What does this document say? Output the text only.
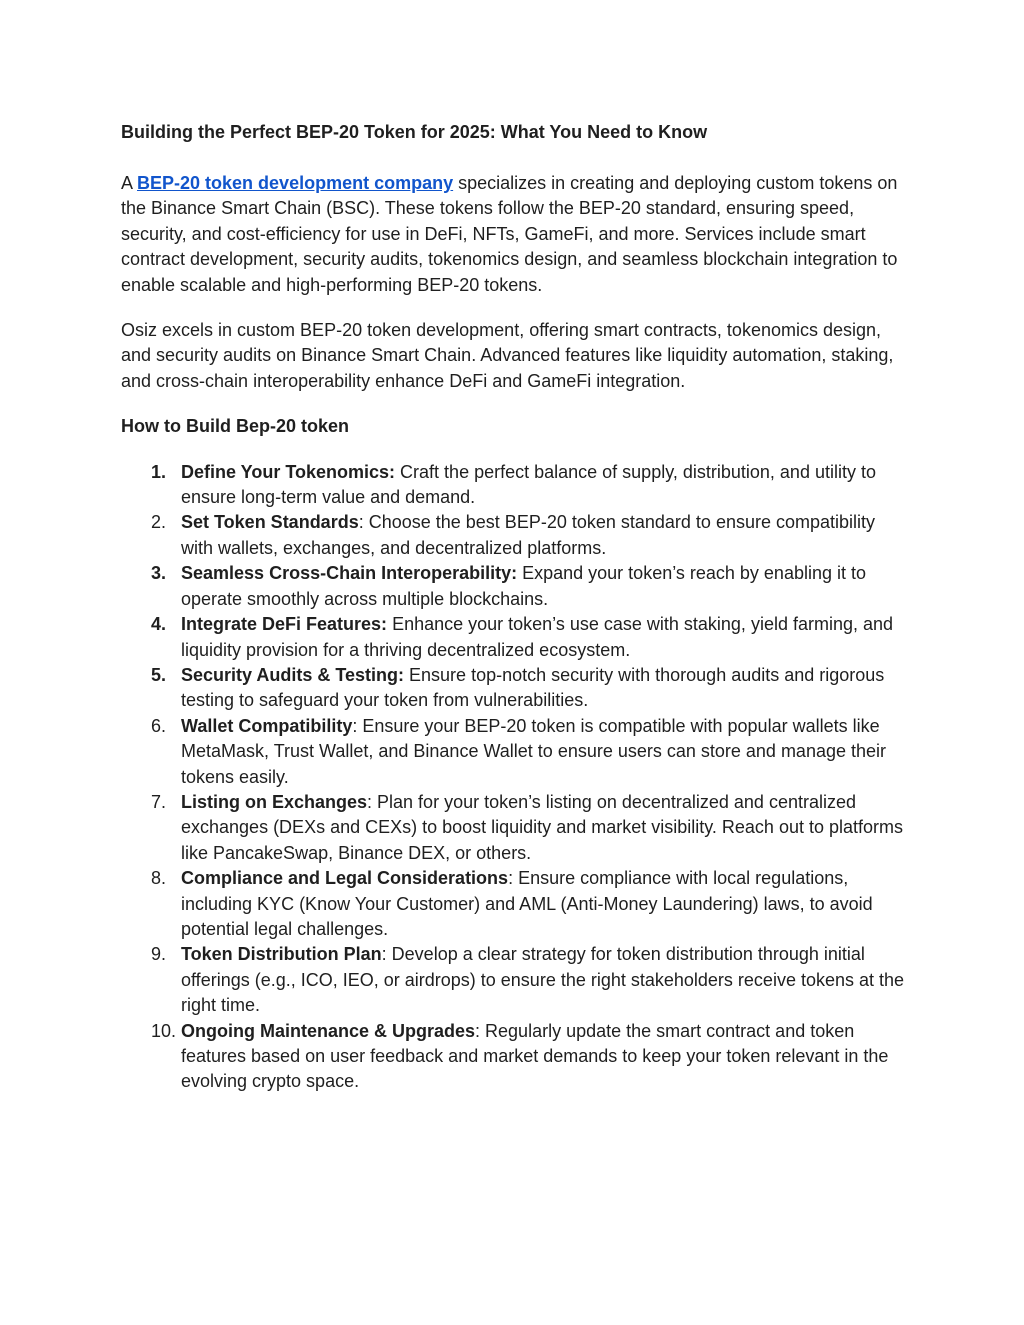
Building the Perfect BEP-20 Token for 2025: What You Need to Know

A BEP-20 token development company specializes in creating and deploying custom tokens on the Binance Smart Chain (BSC). These tokens follow the BEP-20 standard, ensuring speed, security, and cost-efficiency for use in DeFi, NFTs, GameFi, and more. Services include smart contract development, security audits, tokenomics design, and seamless blockchain integration to enable scalable and high-performing BEP-20 tokens.

Osiz excels in custom BEP-20 token development, offering smart contracts, tokenomics design, and security audits on Binance Smart Chain. Advanced features like liquidity automation, staking, and cross-chain interoperability enhance DeFi and GameFi integration.

How to Build Bep-20 token
1. Define Your Tokenomics: Craft the perfect balance of supply, distribution, and utility to ensure long-term value and demand.
2. Set Token Standards: Choose the best BEP-20 token standard to ensure compatibility with wallets, exchanges, and decentralized platforms.
3. Seamless Cross-Chain Interoperability: Expand your token’s reach by enabling it to operate smoothly across multiple blockchains.
4. Integrate DeFi Features: Enhance your token’s use case with staking, yield farming, and liquidity provision for a thriving decentralized ecosystem.
5. Security Audits & Testing: Ensure top-notch security with thorough audits and rigorous testing to safeguard your token from vulnerabilities.
6. Wallet Compatibility: Ensure your BEP-20 token is compatible with popular wallets like MetaMask, Trust Wallet, and Binance Wallet to ensure users can store and manage their tokens easily.
7. Listing on Exchanges: Plan for your token’s listing on decentralized and centralized exchanges (DEXs and CEXs) to boost liquidity and market visibility. Reach out to platforms like PancakeSwap, Binance DEX, or others.
8. Compliance and Legal Considerations: Ensure compliance with local regulations, including KYC (Know Your Customer) and AML (Anti-Money Laundering) laws, to avoid potential legal challenges.
9. Token Distribution Plan: Develop a clear strategy for token distribution through initial offerings (e.g., ICO, IEO, or airdrops) to ensure the right stakeholders receive tokens at the right time.
10. Ongoing Maintenance & Upgrades: Regularly update the smart contract and token features based on user feedback and market demands to keep your token relevant in the evolving crypto space.
